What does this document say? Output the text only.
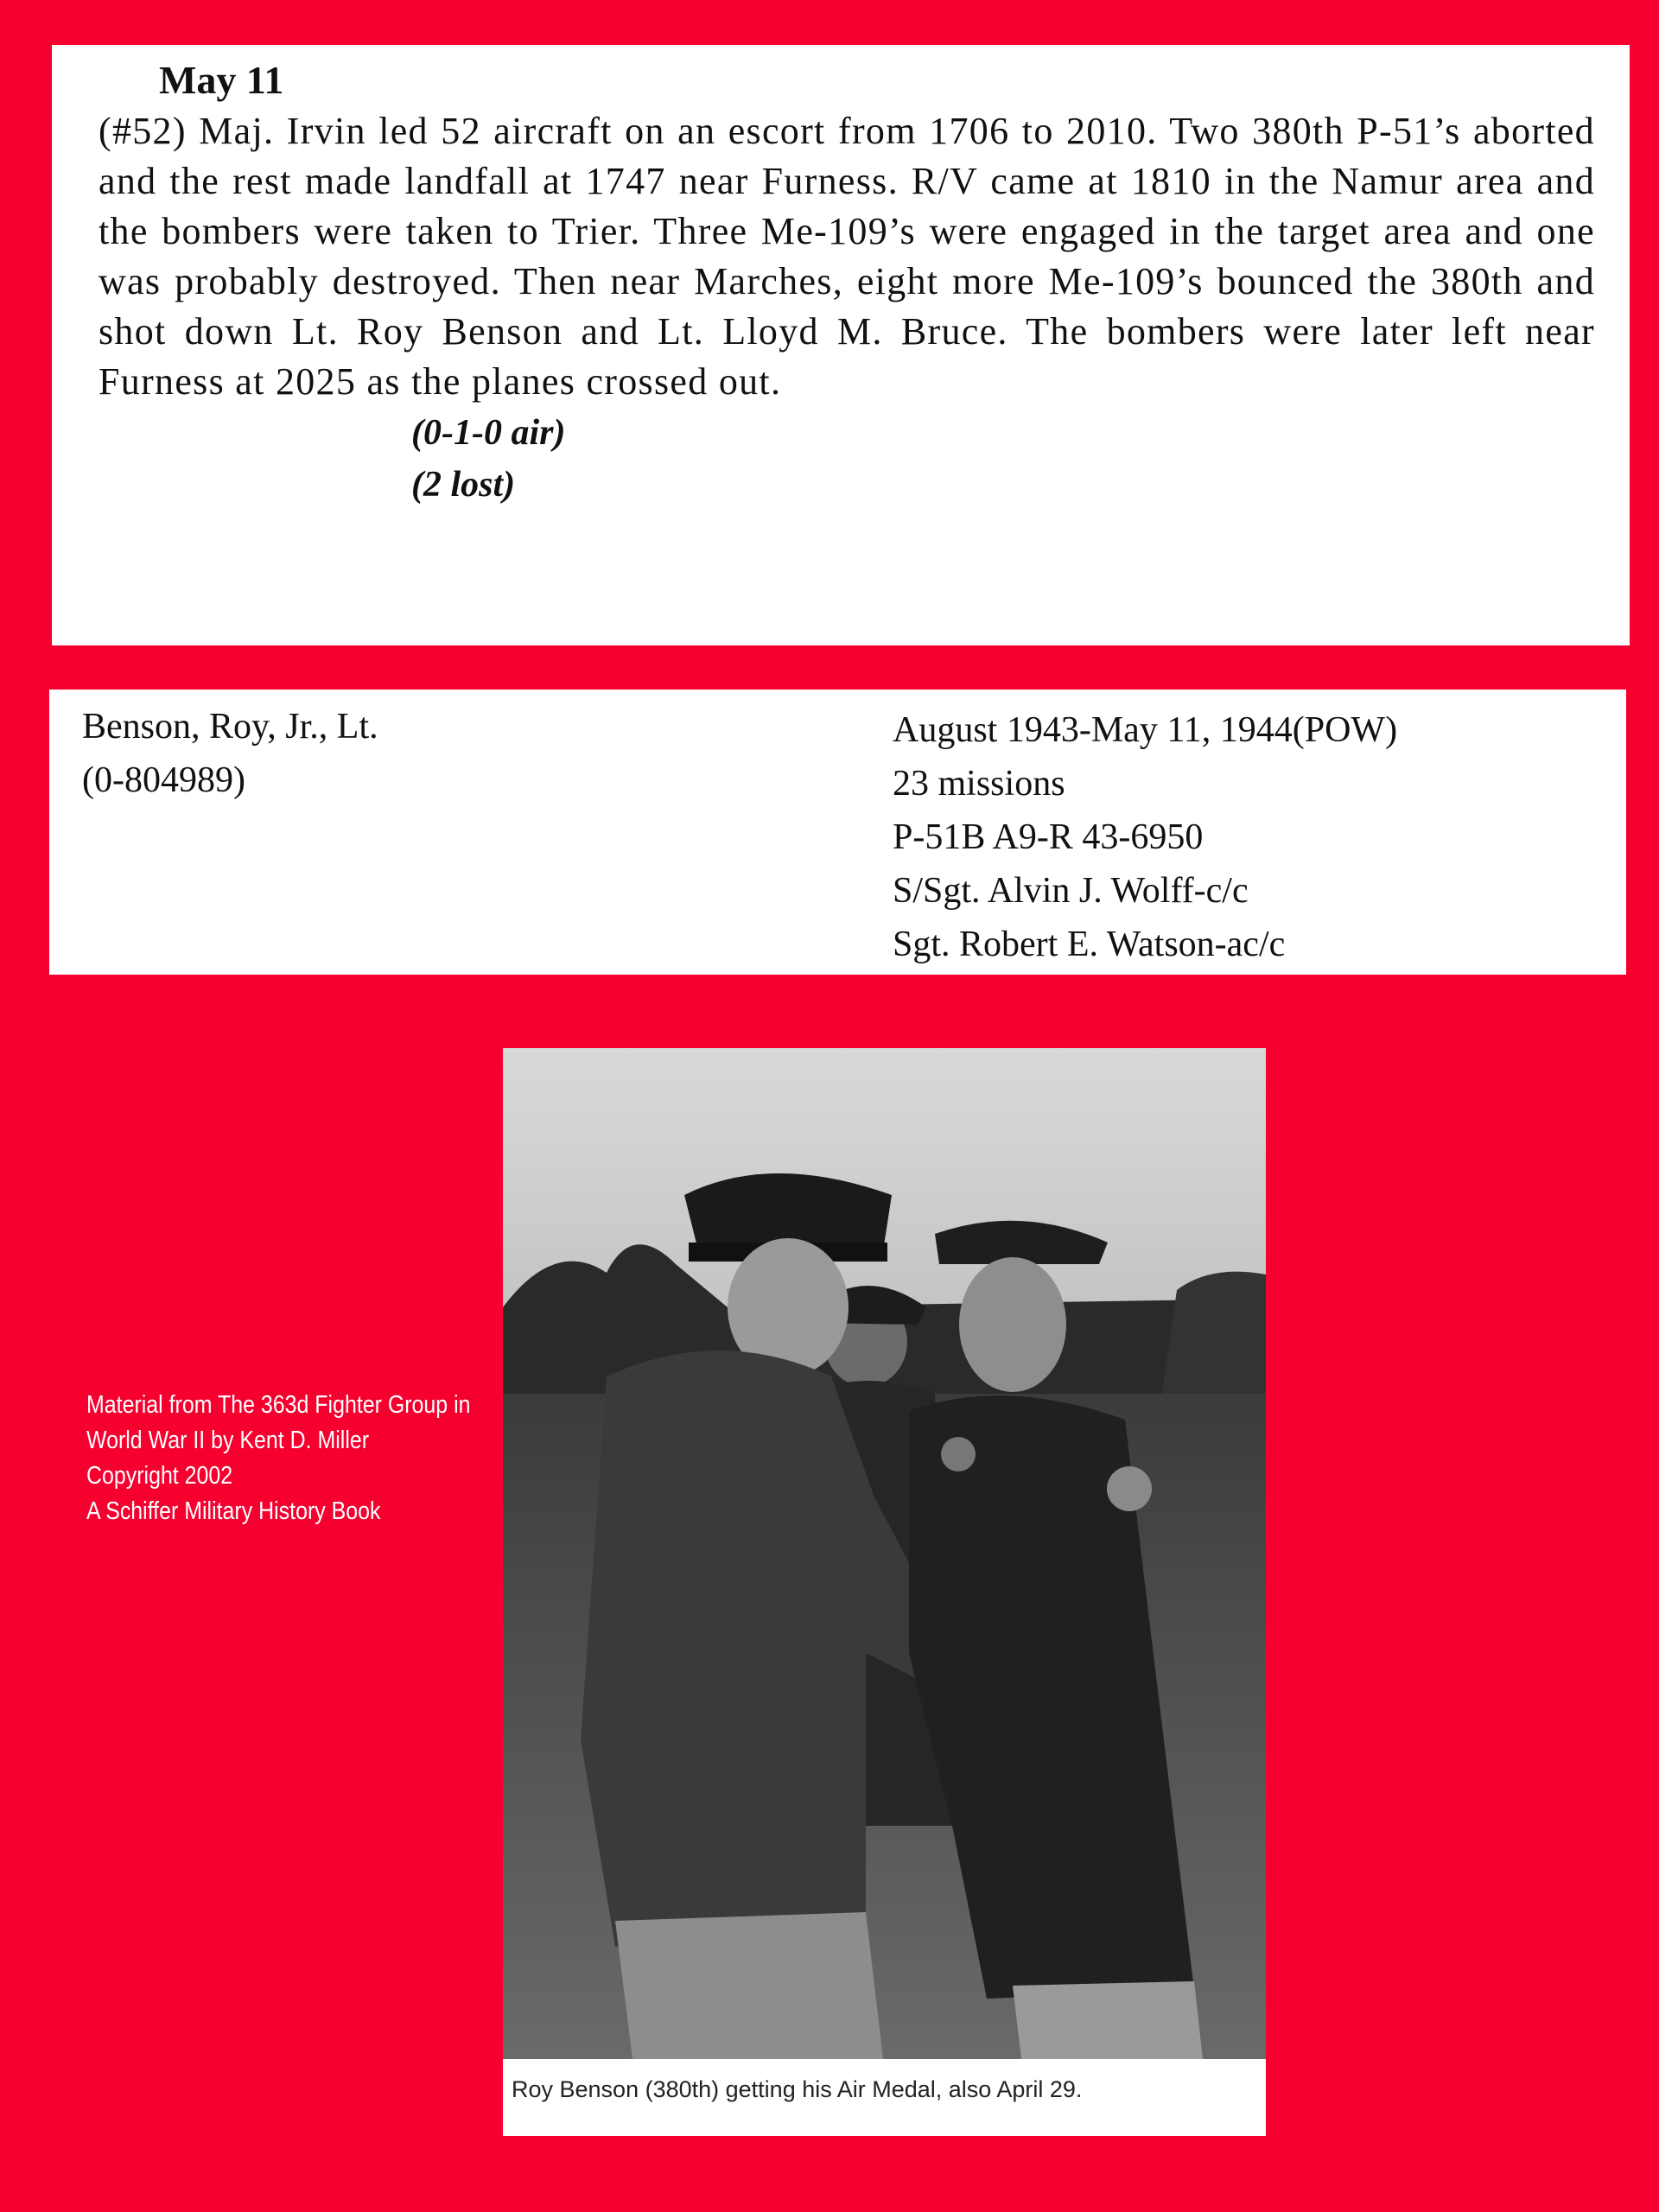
May 11

(#52) Maj. Irvin led 52 aircraft on an escort from 1706 to 2010. Two 380th P-51’s aborted and the rest made landfall at 1747 near Furness. R/V came at 1810 in the Namur area and the bombers were taken to Trier. Three Me-109’s were engaged in the target area and one was probably destroyed. Then near Marches, eight more Me-109’s bounced the 380th and shot down Lt. Roy Benson and Lt. Lloyd M. Bruce. The bombers were later left near Furness at 2025 as the planes crossed out.

(0-1-0 air)
(2 lost)
Benson, Roy, Jr., Lt.
(0-804989)
August 1943-May 11, 1944(POW)
23 missions
P-51B A9-R 43-6950
S/Sgt. Alvin J. Wolff-c/c
Sgt. Robert E. Watson-ac/c
Material from The 363d Fighter Group in
World War II by Kent D. Miller
Copyright 2002
A Schiffer Military History Book
Roy Benson (380th) getting his Air Medal, also April 29.
